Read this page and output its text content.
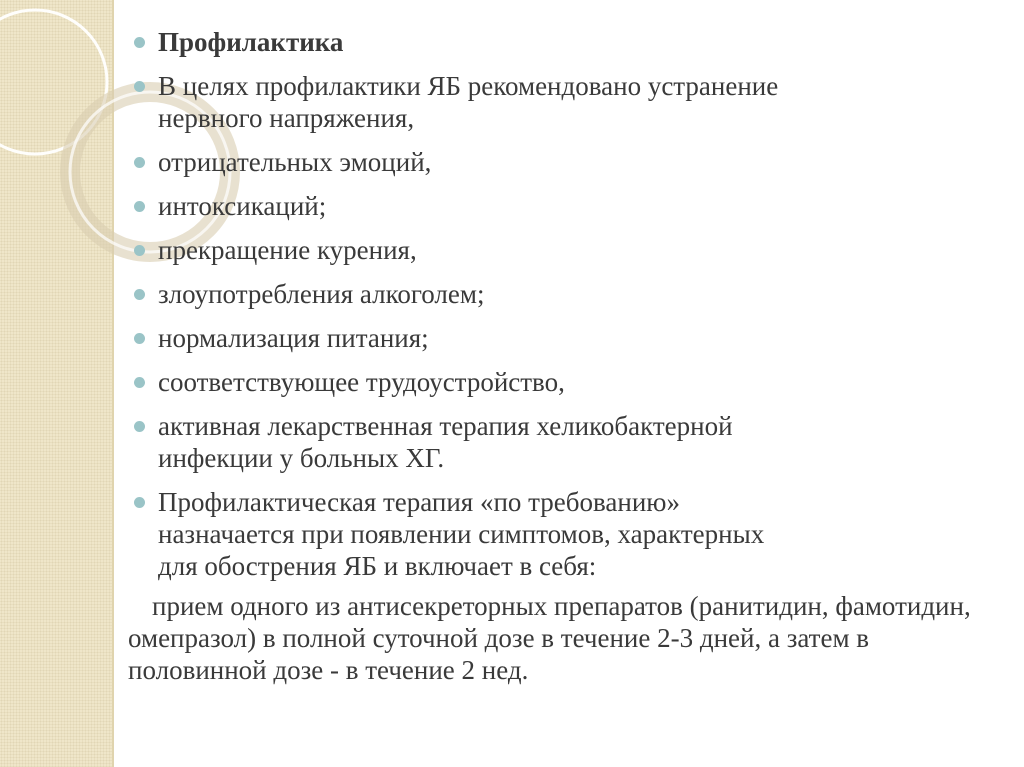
Профилактика
В целях профилактики ЯБ рекомендовано устранение
нервного напряжения,
отрицательных эмоций,
интоксикаций;
прекращение курения,
злоупотребления алкоголем;
нормализация питания;
соответствующее трудоустройство,
активная лекарственная терапия хеликобактерной
инфекции у больных ХГ.
Профилактическая терапия «по требованию»
назначается при появлении симптомов, характерных
для обострения ЯБ и включает в себя:
прием одного из антисекреторных препаратов (ранитидин, фамотидин, омепразол) в полной суточной дозе в течение 2-3 дней, а затем в половинной дозе - в течение 2 нед.
